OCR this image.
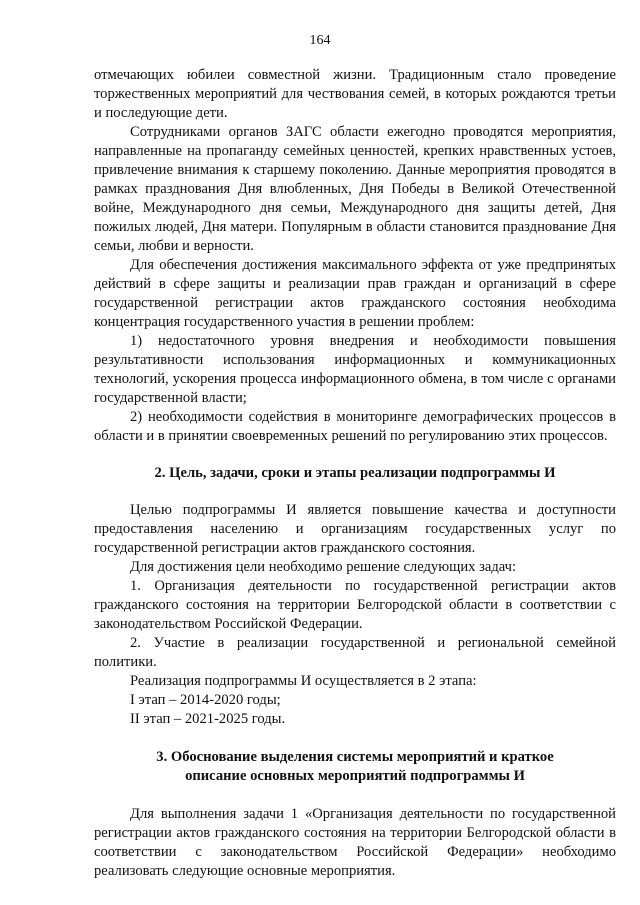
164

отмечающих юбилеи совместной жизни. Традиционным стало проведение торжественных мероприятий для чествования семей, в которых рождаются третьи и последующие дети.

Сотрудниками органов ЗАГС области ежегодно проводятся мероприятия, направленные на пропаганду семейных ценностей, крепких нравственных устоев, привлечение внимания к старшему поколению. Данные мероприятия проводятся в рамках празднования Дня влюбленных, Дня Победы в Великой Отечественной войне, Международного дня семьи, Международного дня защиты детей, Дня пожилых людей, Дня матери. Популярным в области становится празднование Дня семьи, любви и верности.

Для обеспечения достижения максимального эффекта от уже предпринятых действий в сфере защиты и реализации прав граждан и организаций в сфере государственной регистрации актов гражданского состояния необходима концентрация государственного участия в решении проблем:

1) недостаточного уровня внедрения и необходимости повышения результативности использования информационных и коммуникационных технологий, ускорения процесса информационного обмена, в том числе с органами государственной власти;

2) необходимости содействия в мониторинге демографических процессов в области и в принятии своевременных решений по регулированию этих процессов.

2. Цель, задачи, сроки и этапы реализации подпрограммы И

Целью подпрограммы И является повышение качества и доступности предоставления населению и организациям государственных услуг по государственной регистрации актов гражданского состояния.

Для достижения цели необходимо решение следующих задач:

1. Организация деятельности по государственной регистрации актов гражданского состояния на территории Белгородской области в соответствии с законодательством Российской Федерации.

2. Участие в реализации государственной и региональной семейной политики.

Реализация подпрограммы И осуществляется в 2 этапа:

I этап – 2014-2020 годы;

II этап – 2021-2025 годы.

3. Обоснование выделения системы мероприятий и краткое
описание основных мероприятий подпрограммы И

Для выполнения задачи 1 «Организация деятельности по государственной регистрации актов гражданского состояния на территории Белгородской области в соответствии с законодательством Российской Федерации» необходимо реализовать следующие основные мероприятия.
